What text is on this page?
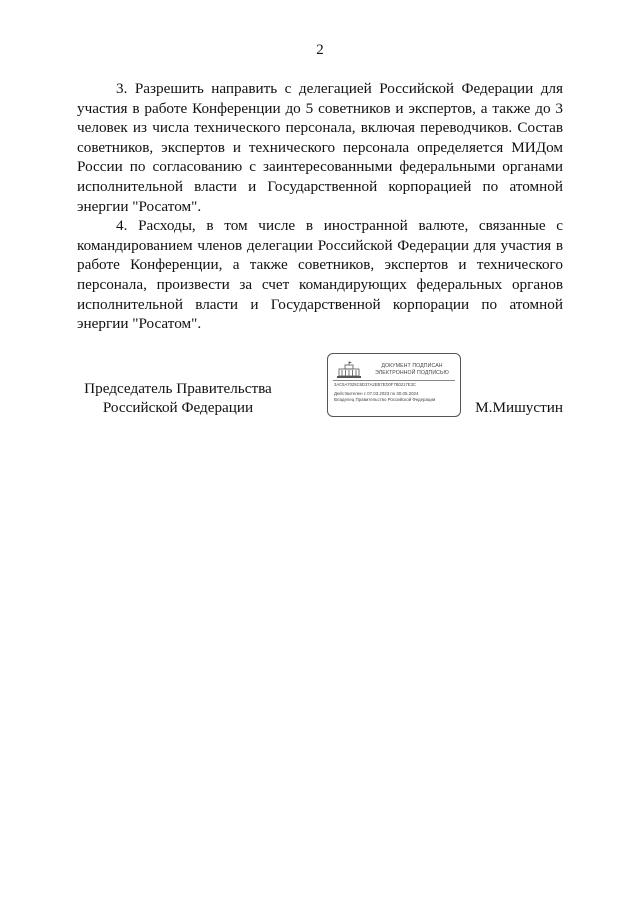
2

3. Разрешить направить с делегацией Российской Федерации для участия в работе Конференции до 5 советников и экспертов, а также до 3 человек из числа технического персонала, включая переводчиков. Состав советников, экспертов и технического персонала определяется МИДом России по согласованию с заинтересованными федеральными органами исполнительной власти и Государственной корпорацией по атомной энергии "Росатом".

4. Расходы, в том числе в иностранной валюте, связанные с командированием членов делегации Российской Федерации для участия в работе Конференции, а также советников, экспертов и технического персонала, произвести за счет командирующих федеральных органов исполнительной власти и Государственной корпорации по атомной энергии "Росатом".

Председатель Правительства
Российской Федерации
ДОКУМЕНТ ПОДПИСАН
ЭЛЕКТРОННОЙ ПОДПИСЬЮ
3AC5A7025C6D37A2EB7ED0F7B0217E3C
Действителен с 07.03.2023 по 30.05.2024
Владелец Правительство Российской Федерации	М.Мишустин
